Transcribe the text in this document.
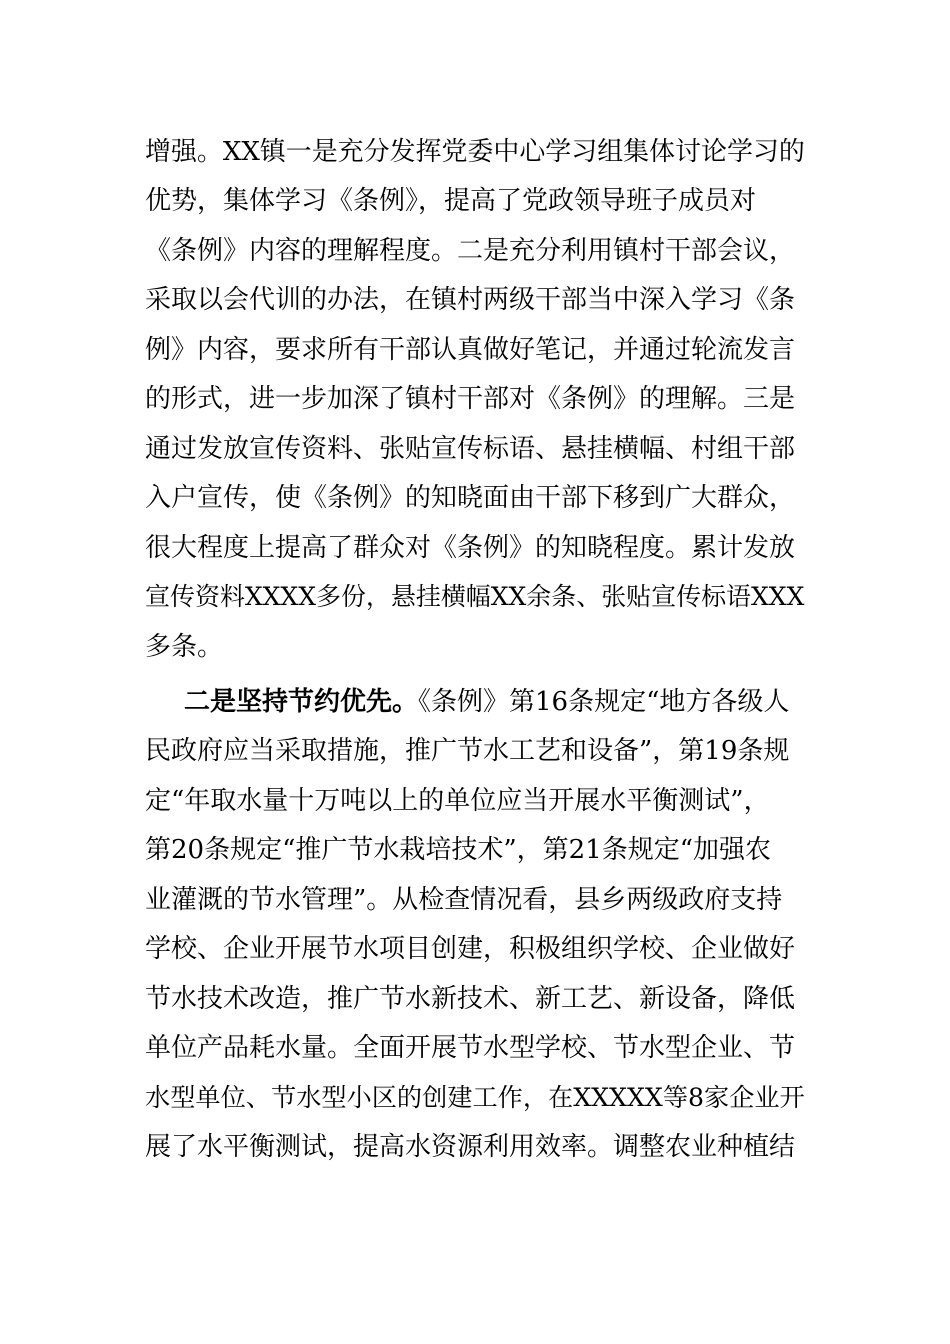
增强。XX镇一是充分发挥党委中心学习组集体讨论学习的

优势，集体学习《条例》，提高了党政领导班子成员对

《条例》内容的理解程度。二是充分利用镇村干部会议，

采取以会代训的办法，在镇村两级干部当中深入学习《条

例》内容，要求所有干部认真做好笔记，并通过轮流发言

的形式，进一步加深了镇村干部对《条例》的理解。三是

通过发放宣传资料、张贴宣传标语、悬挂横幅、村组干部

入户宣传，使《条例》的知晓面由干部下移到广大群众，

很大程度上提高了群众对《条例》的知晓程度。累计发放

宣传资料XXXX多份，悬挂横幅XX余条、张贴宣传标语XXX

多条。

二是坚持节约优先。《条例》第16条规定“地方各级人

民政府应当采取措施，推广节水工艺和设备”，第19条规

定“年取水量十万吨以上的单位应当开展水平衡测试”，

第20条规定“推广节水栽培技术”，第21条规定“加强农

业灌溉的节水管理”。从检查情况看，县乡两级政府支持

学校、企业开展节水项目创建，积极组织学校、企业做好

节水技术改造，推广节水新技术、新工艺、新设备，降低

单位产品耗水量。全面开展节水型学校、节水型企业、节

水型单位、节水型小区的创建工作，在XXXXX等8家企业开

展了水平衡测试，提高水资源利用效率。调整农业种植结
